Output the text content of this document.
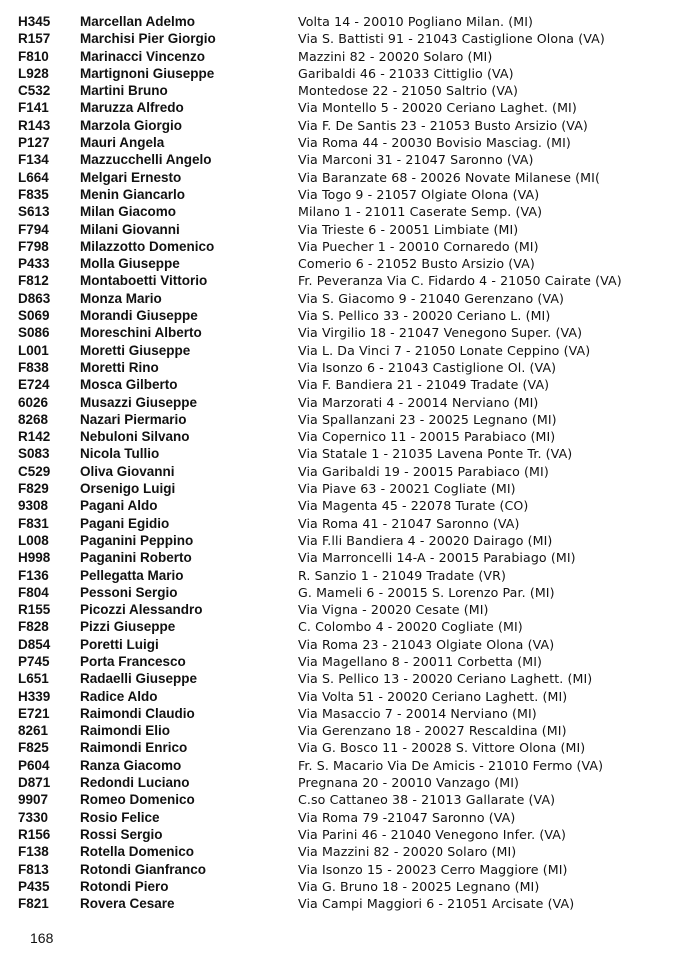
H345	Marcellan Adelmo	Volta 14 - 20010 Pogliano Milan. (MI)
R157	Marchisi Pier Giorgio	Via S. Battisti 91 - 21043 Castiglione Olona (VA)
F810	Marinacci Vincenzo	Mazzini 82 - 20020 Solaro (MI)
L928	Martignoni Giuseppe	Garibaldi 46 - 21033 Cittiglio (VA)
C532	Martini Bruno	Montedose 22 - 21050 Saltrio (VA)
F141	Maruzza Alfredo	Via Montello 5 - 20020 Ceriano Laghet. (MI)
R143	Marzola Giorgio	Via F. De Santis 23 - 21053 Busto Arsizio (VA)
P127	Mauri Angela	Via Roma 44 - 20030 Bovisio Masciag. (MI)
F134	Mazzucchelli Angelo	Via Marconi 31 - 21047 Saronno (VA)
L664	Melgari Ernesto	Via Baranzate 68 - 20026 Novate Milanese (MI(
F835	Menin Giancarlo	Via Togo 9 - 21057 Olgiate Olona (VA)
S613	Milan Giacomo	Milano 1 - 21011 Caserate Semp. (VA)
F794	Milani Giovanni	Via Trieste 6 - 20051 Limbiate (MI)
F798	Milazzotto Domenico	Via Puecher 1 - 20010 Cornaredo (MI)
P433	Molla Giuseppe	Comerio 6 - 21052 Busto Arsizio (VA)
F812	Montaboetti Vittorio	Fr. Peveranza Via C. Fidardo 4 - 21050 Cairate (VA)
D863	Monza Mario	Via S. Giacomo 9 - 21040 Gerenzano (VA)
S069	Morandi Giuseppe	Via S. Pellico 33 - 20020 Ceriano L. (MI)
S086	Moreschini Alberto	Via Virgilio 18 - 21047 Venegono Super. (VA)
L001	Moretti Giuseppe	Via L. Da Vinci 7 - 21050 Lonate Ceppino (VA)
F838	Moretti Rino	Via Isonzo 6 - 21043 Castiglione Ol. (VA)
E724	Mosca Gilberto	Via F. Bandiera 21 - 21049 Tradate (VA)
6026	Musazzi Giuseppe	Via Marzorati 4 - 20014 Nerviano (MI)
8268	Nazari Piermario	Via Spallanzani 23 - 20025 Legnano (MI)
R142	Nebuloni Silvano	Via Copernico 11 - 20015 Parabiaco (MI)
S083	Nicola Tullio	Via Statale 1 - 21035 Lavena Ponte Tr. (VA)
C529	Oliva Giovanni	Via Garibaldi 19 - 20015 Parabiaco (MI)
F829	Orsenigo Luigi	Via Piave 63 - 20021 Cogliate (MI)
9308	Pagani Aldo	Via Magenta 45 - 22078 Turate (CO)
F831	Pagani Egidio	Via Roma 41 - 21047 Saronno (VA)
L008	Paganini Peppino	Via F.lli Bandiera 4 - 20020 Dairago (MI)
H998	Paganini Roberto	Via Marroncelli 14-A - 20015 Parabiago (MI)
F136	Pellegatta Mario	R. Sanzio 1 - 21049 Tradate (VR)
F804	Pessoni Sergio	G. Mameli 6 - 20015 S. Lorenzo Par. (MI)
R155	Picozzi Alessandro	Via Vigna - 20020 Cesate (MI)
F828	Pizzi Giuseppe	C. Colombo 4 - 20020 Cogliate (MI)
D854	Poretti Luigi	Via Roma 23 - 21043 Olgiate Olona (VA)
P745	Porta Francesco	Via Magellano 8 - 20011 Corbetta (MI)
L651	Radaelli Giuseppe	Via S. Pellico 13 - 20020 Ceriano Laghett. (MI)
H339	Radice Aldo	Via Volta 51 - 20020 Ceriano Laghett. (MI)
E721	Raimondi Claudio	Via Masaccio 7 - 20014 Nerviano (MI)
8261	Raimondi Elio	Via Gerenzano 18 - 20027 Rescaldina (MI)
F825	Raimondi Enrico	Via G. Bosco 11 - 20028 S. Vittore Olona (MI)
P604	Ranza Giacomo	Fr. S. Macario Via De Amicis - 21010 Fermo (VA)
D871	Redondi Luciano	Pregnana 20 - 20010 Vanzago (MI)
9907	Romeo Domenico	C.so Cattaneo 38 - 21013 Gallarate (VA)
7330	Rosio Felice	Via Roma 79 -21047 Saronno (VA)
R156	Rossi Sergio	Via Parini 46 - 21040 Venegono Infer. (VA)
F138	Rotella Domenico	Via Mazzini 82 - 20020 Solaro (MI)
F813	Rotondi Gianfranco	Via Isonzo 15 - 20023 Cerro Maggiore (MI)
P435	Rotondi Piero	Via G. Bruno 18 - 20025 Legnano (MI)
F821	Rovera Cesare	Via Campi Maggiori 6 - 21051 Arcisate (VA)
168
